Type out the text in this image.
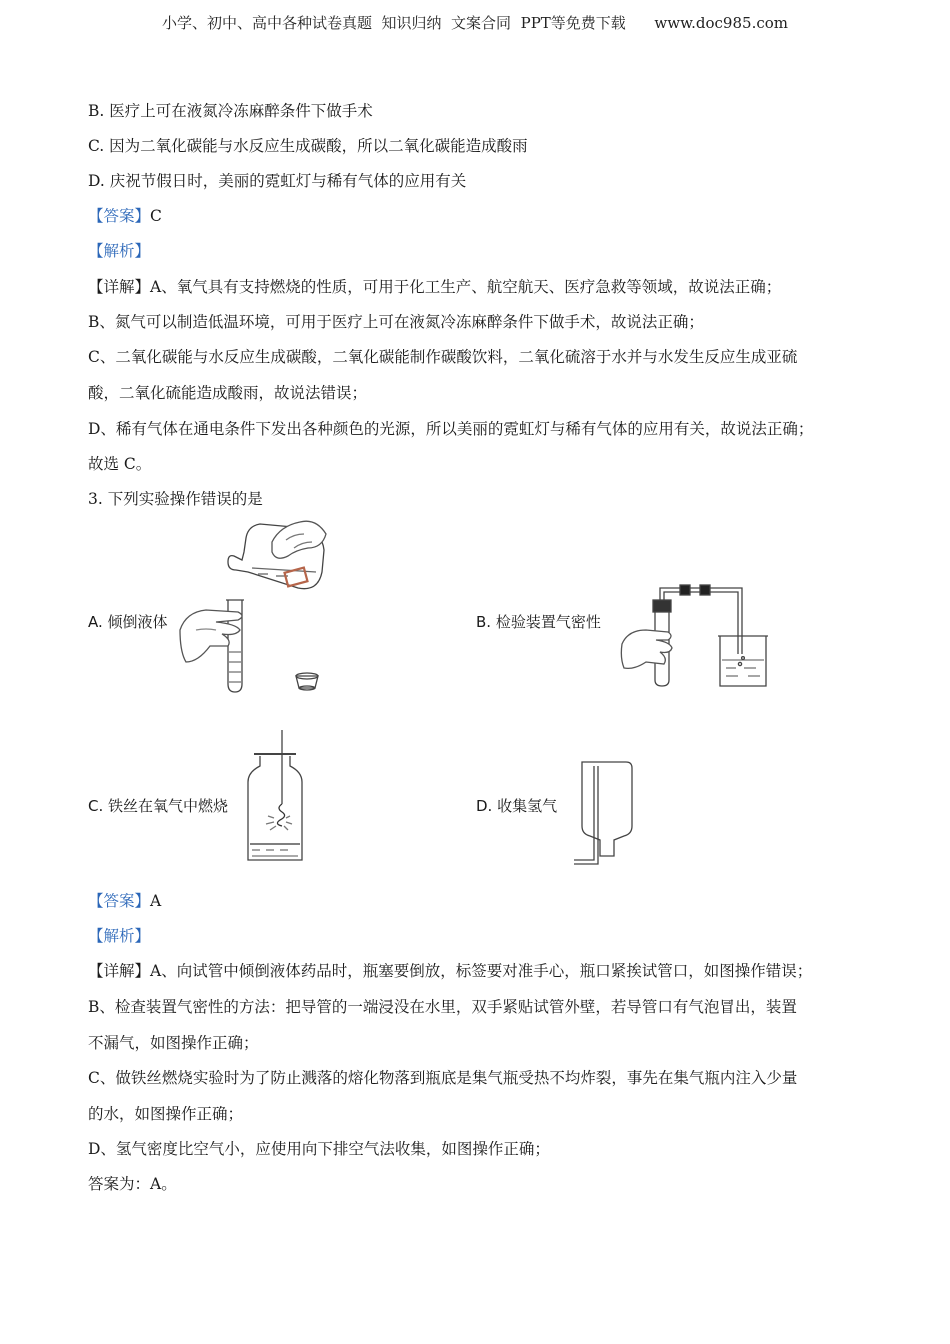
小学、初中、高中各种试卷真题  知识归纳  文案合同  PPT等免费下载      www.doc985.com
B. 医疗上可在液氮冷冻麻醉条件下做手术
C. 因为二氧化碳能与水反应生成碳酸，所以二氧化碳能造成酸雨
D. 庆祝节假日时，美丽的霓虹灯与稀有气体的应用有关
【答案】C
【解析】
【详解】A、氧气具有支持燃烧的性质，可用于化工生产、航空航天、医疗急救等领域，故说法正确；
B、氮气可以制造低温环境，可用于医疗上可在液氮冷冻麻醉条件下做手术，故说法正确；
C、二氧化碳能与水反应生成碳酸，二氧化碳能制作碳酸饮料，二氧化硫溶于水并与水发生反应生成亚硫
酸，二氧化硫能造成酸雨，故说法错误；
D、稀有气体在通电条件下发出各种颜色的光源，所以美丽的霓虹灯与稀有气体的应用有关，故说法正确；
故选 C。
3. 下列实验操作错误的是
A. 倾倒液体	B. 检验装置气密性
C. 铁丝在氧气中燃烧	D. 收集氢气
【答案】A
【解析】
【详解】A、向试管中倾倒液体药品时，瓶塞要倒放，标签要对准手心，瓶口紧挨试管口，如图操作错误；
B、检查装置气密性的方法：把导管的一端浸没在水里，双手紧贴试管外壁，若导管口有气泡冒出，装置
不漏气，如图操作正确；
C、做铁丝燃烧实验时为了防止溅落的熔化物落到瓶底是集气瓶受热不均炸裂，事先在集气瓶内注入少量
的水，如图操作正确；
D、氢气密度比空气小，应使用向下排空气法收集，如图操作正确；
答案为：A。
